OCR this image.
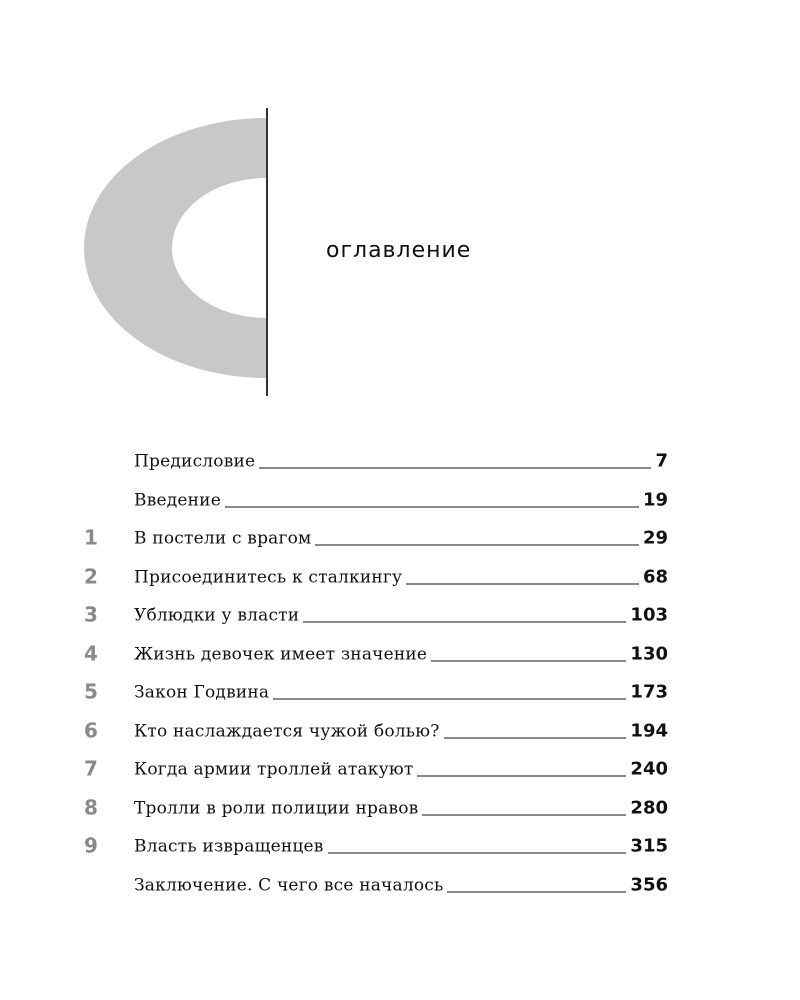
оглавление
Предисловие	7
Введение	19
1	В постели с врагом	29
2	Присоединитесь к сталкингу	68
3	Ублюдки у власти	103
4	Жизнь девочек имеет значение	130
5	Закон Годвина	173
6	Кто наслаждается чужой болью?	194
7	Когда армии троллей атакуют	240
8	Тролли в роли полиции нравов	280
9	Власть извращенцев	315
Заключение. С чего все началось	356
